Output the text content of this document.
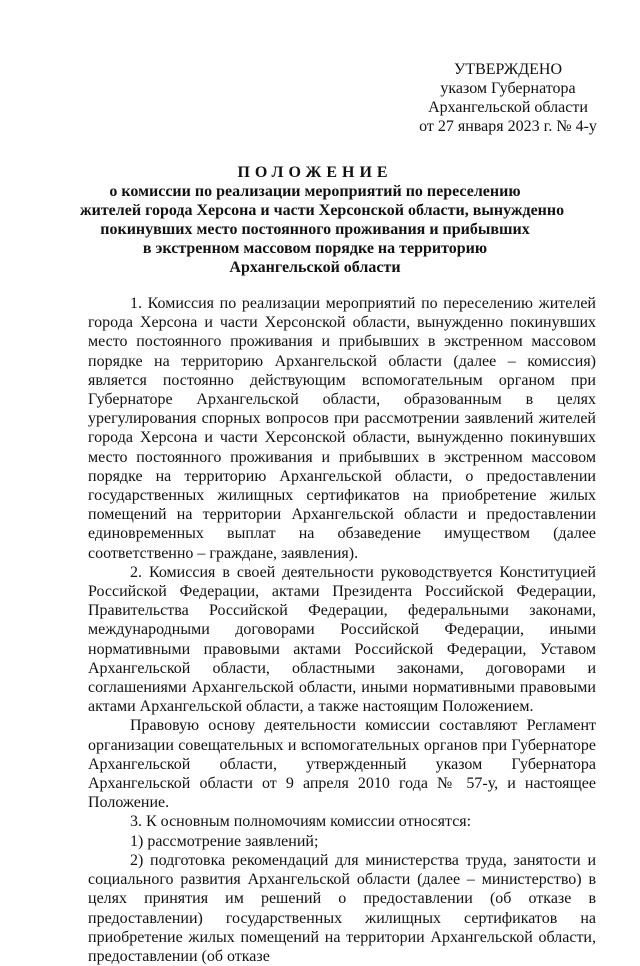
УТВЕРЖДЕНО
указом Губернатора
Архангельской области
от 27 января 2023 г. № 4-у
ПОЛОЖЕНИЕ
о комиссии по реализации мероприятий по переселению
жителей города Херсона и части Херсонской области, вынужденно
покинувших место постоянного проживания и прибывших
в экстренном массовом порядке на территорию
Архангельской области

1. Комиссия по реализации мероприятий по переселению жителей города Херсона и части Херсонской области, вынужденно покинувших место постоянного проживания и прибывших в экстренном массовом порядке на территорию Архангельской области (далее – комиссия) является постоянно действующим вспомогательным органом при Губернаторе Архангельской области, образованным в целях урегулирования спорных вопросов при рассмотрении заявлений жителей города Херсона и части Херсонской области, вынужденно покинувших место постоянного проживания и прибывших в экстренном массовом порядке на территорию Архангельской области, о предоставлении государственных жилищных сертификатов на приобретение жилых помещений на территории Архангельской области и предоставлении единовременных выплат на обзаведение имуществом (далее соответственно – граждане, заявления).

2. Комиссия в своей деятельности руководствуется Конституцией Российской Федерации, актами Президента Российской Федерации, Правительства Российской Федерации, федеральными законами, международными договорами Российской Федерации, иными нормативными правовыми актами Российской Федерации, Уставом Архангельской области, областными законами, договорами и соглашениями Архангельской области, иными нормативными правовыми актами Архангельской области, а также настоящим Положением.

Правовую основу деятельности комиссии составляют Регламент организации совещательных и вспомогательных органов при Губернаторе Архангельской области, утвержденный указом Губернатора Архангельской области от 9 апреля 2010 года № 57-у, и настоящее Положение.

3. К основным полномочиям комиссии относятся:

1) рассмотрение заявлений;

2) подготовка рекомендаций для министерства труда, занятости и социального развития Архангельской области (далее – министерство) в целях принятия им решений о предоставлении (об отказе в предоставлении) государственных жилищных сертификатов на приобретение жилых помещений на территории Архангельской области, предоставлении (об отказе
